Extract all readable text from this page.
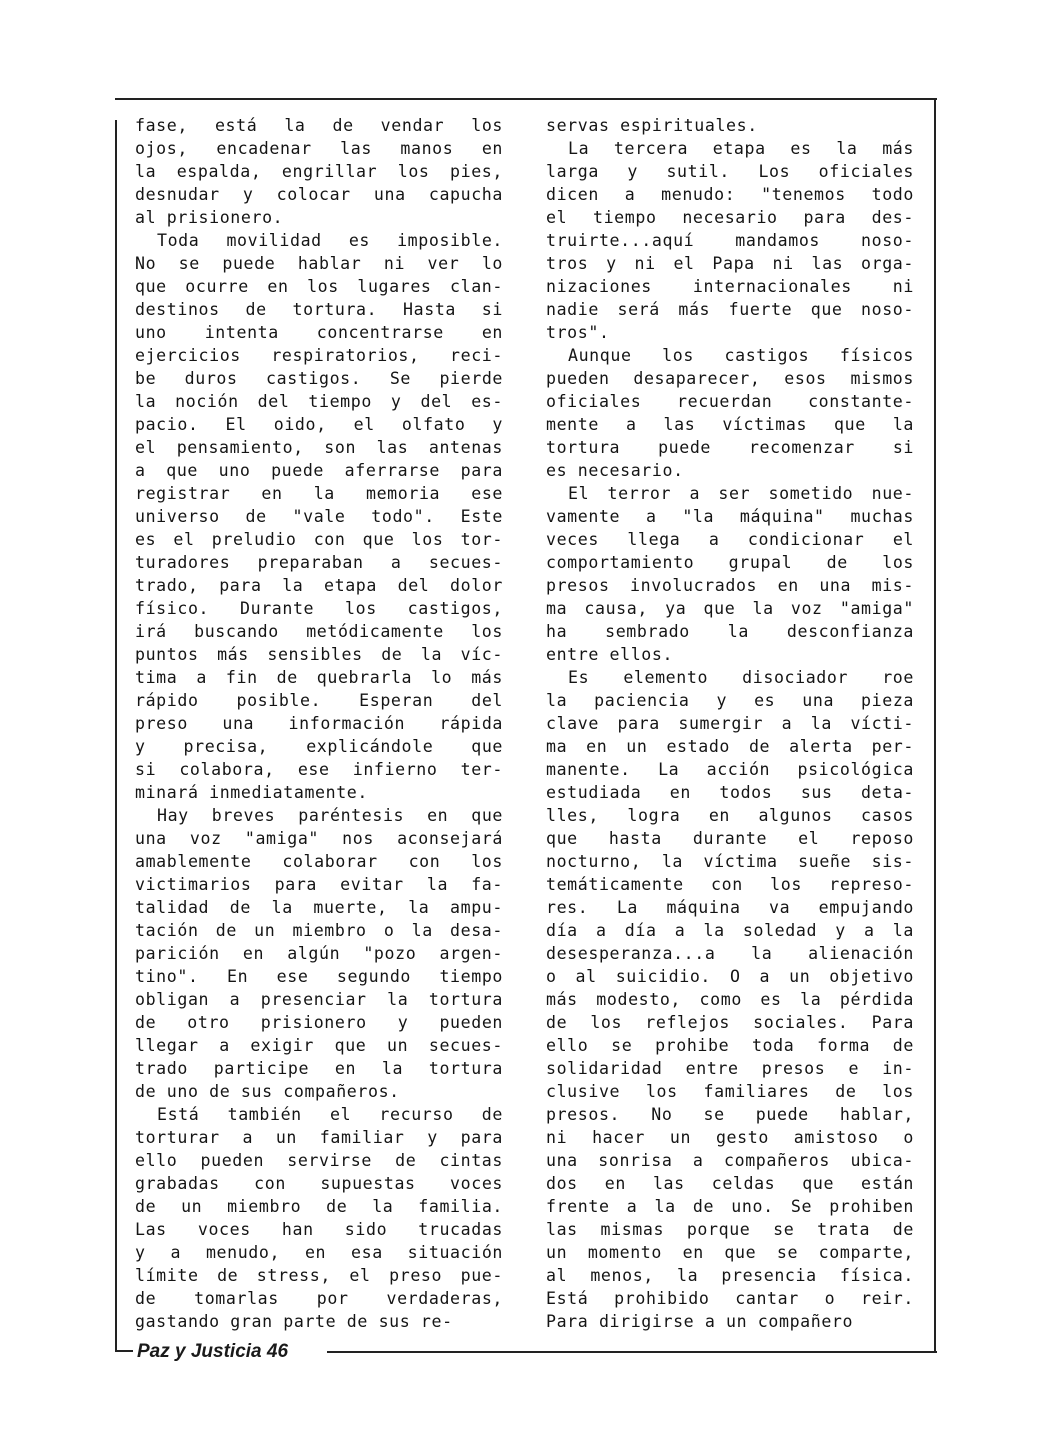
fase, está la de vendar los
ojos, encadenar las manos en
la espalda, engrillar los pies,
desnudar y colocar una capucha
al prisionero.
Toda movilidad es imposible.
No se puede hablar ni ver lo
que ocurre en los lugares clan-
destinos de tortura. Hasta si
uno intenta concentrarse en
ejercicios respiratorios, reci-
be duros castigos. Se pierde
la noción del tiempo y del es-
pacio. El oido, el olfato y
el pensamiento, son las antenas
a que uno puede aferrarse para
registrar en la memoria ese
universo de "vale todo". Este
es el preludio con que los tor-
turadores preparaban a secues-
trado, para la etapa del dolor
físico. Durante los castigos,
irá buscando metódicamente los
puntos más sensibles de la víc-
tima a fin de quebrarla lo más
rápido posible. Esperan del
preso una información rápida
y precisa, explicándole que
si colabora, ese infierno ter-
minará inmediatamente.
Hay breves paréntesis en que
una voz "amiga" nos aconsejará
amablemente colaborar con los
victimarios para evitar la fa-
talidad de la muerte, la ampu-
tación de un miembro o la desa-
parición en algún "pozo argen-
tino". En ese segundo tiempo
obligan a presenciar la tortura
de otro prisionero y pueden
llegar a exigir que un secues-
trado participe en la tortura
de uno de sus compañeros.
Está también el recurso de
torturar a un familiar y para
ello pueden servirse de cintas
grabadas con supuestas voces
de un miembro de la familia.
Las voces han sido trucadas
y a menudo, en esa situación
límite de stress, el preso pue-
de tomarlas por verdaderas,
gastando gran parte de sus re-
servas espirituales.
La tercera etapa es la más
larga y sutil. Los oficiales
dicen a menudo: "tenemos todo
el tiempo necesario para des-
truirte...aquí mandamos noso-
tros y ni el Papa ni las orga-
nizaciones internacionales ni
nadie será más fuerte que noso-
tros".
Aunque los castigos físicos
pueden desaparecer, esos mismos
oficiales recuerdan constante-
mente a las víctimas que la
tortura puede recomenzar si
es necesario.
El terror a ser sometido nue-
vamente a "la máquina" muchas
veces llega a condicionar el
comportamiento grupal de los
presos involucrados en una mis-
ma causa, ya que la voz "amiga"
ha sembrado la desconfianza
entre ellos.
Es elemento disociador roe
la paciencia y es una pieza
clave para sumergir a la vícti-
ma en un estado de alerta per-
manente. La acción psicológica
estudiada en todos sus deta-
lles, logra en algunos casos
que hasta durante el reposo
nocturno, la víctima sueñe sis-
temáticamente con los represo-
res. La máquina va empujando
día a día a la soledad y a la
desesperanza...a la alienación
o al suicidio. O a un objetivo
más modesto, como es la pérdida
de los reflejos sociales. Para
ello se prohibe toda forma de
solidaridad entre presos e in-
clusive los familiares de los
presos. No se puede hablar,
ni hacer un gesto amistoso o
una sonrisa a compañeros ubica-
dos en las celdas que están
frente a la de uno. Se prohiben
las mismas porque se trata de
un momento en que se comparte,
al menos, la presencia física.
Está prohibido cantar o reir.
Para dirigirse a un compañero
Paz y Justicia 46
